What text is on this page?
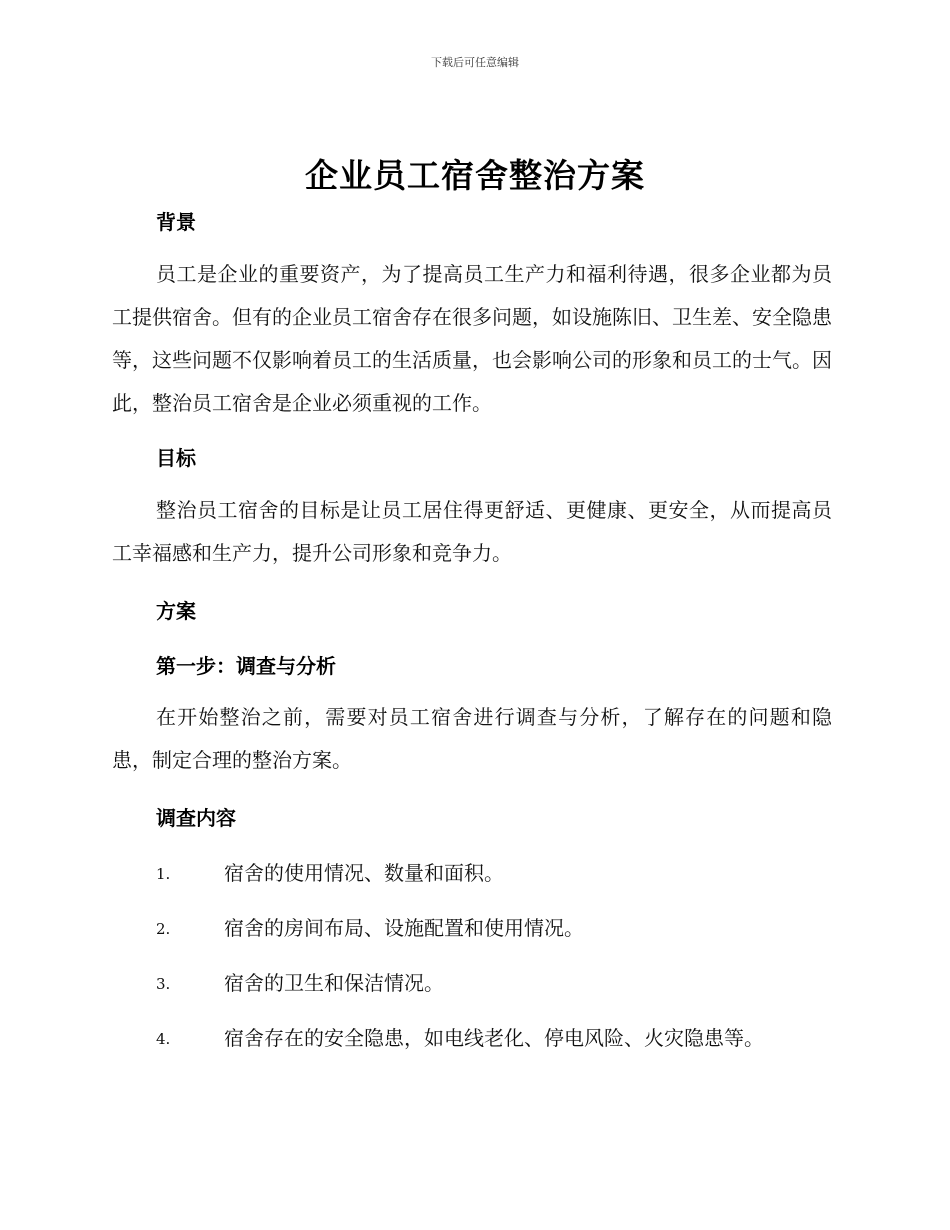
下载后可任意编辑
企业员工宿舍整治方案
背景
员工是企业的重要资产，为了提高员工生产力和福利待遇，很多企业都为员工提供宿舍。但有的企业员工宿舍存在很多问题，如设施陈旧、卫生差、安全隐患等，这些问题不仅影响着员工的生活质量，也会影响公司的形象和员工的士气。因此，整治员工宿舍是企业必须重视的工作。
目标
整治员工宿舍的目标是让员工居住得更舒适、更健康、更安全，从而提高员工幸福感和生产力，提升公司形象和竞争力。
方案
第一步：调查与分析
在开始整治之前，需要对员工宿舍进行调查与分析，了解存在的问题和隐患，制定合理的整治方案。
调查内容
1.	宿舍的使用情况、数量和面积。
2.	宿舍的房间布局、设施配置和使用情况。
3.	宿舍的卫生和保洁情况。
4.	宿舍存在的安全隐患，如电线老化、停电风险、火灾隐患等。
